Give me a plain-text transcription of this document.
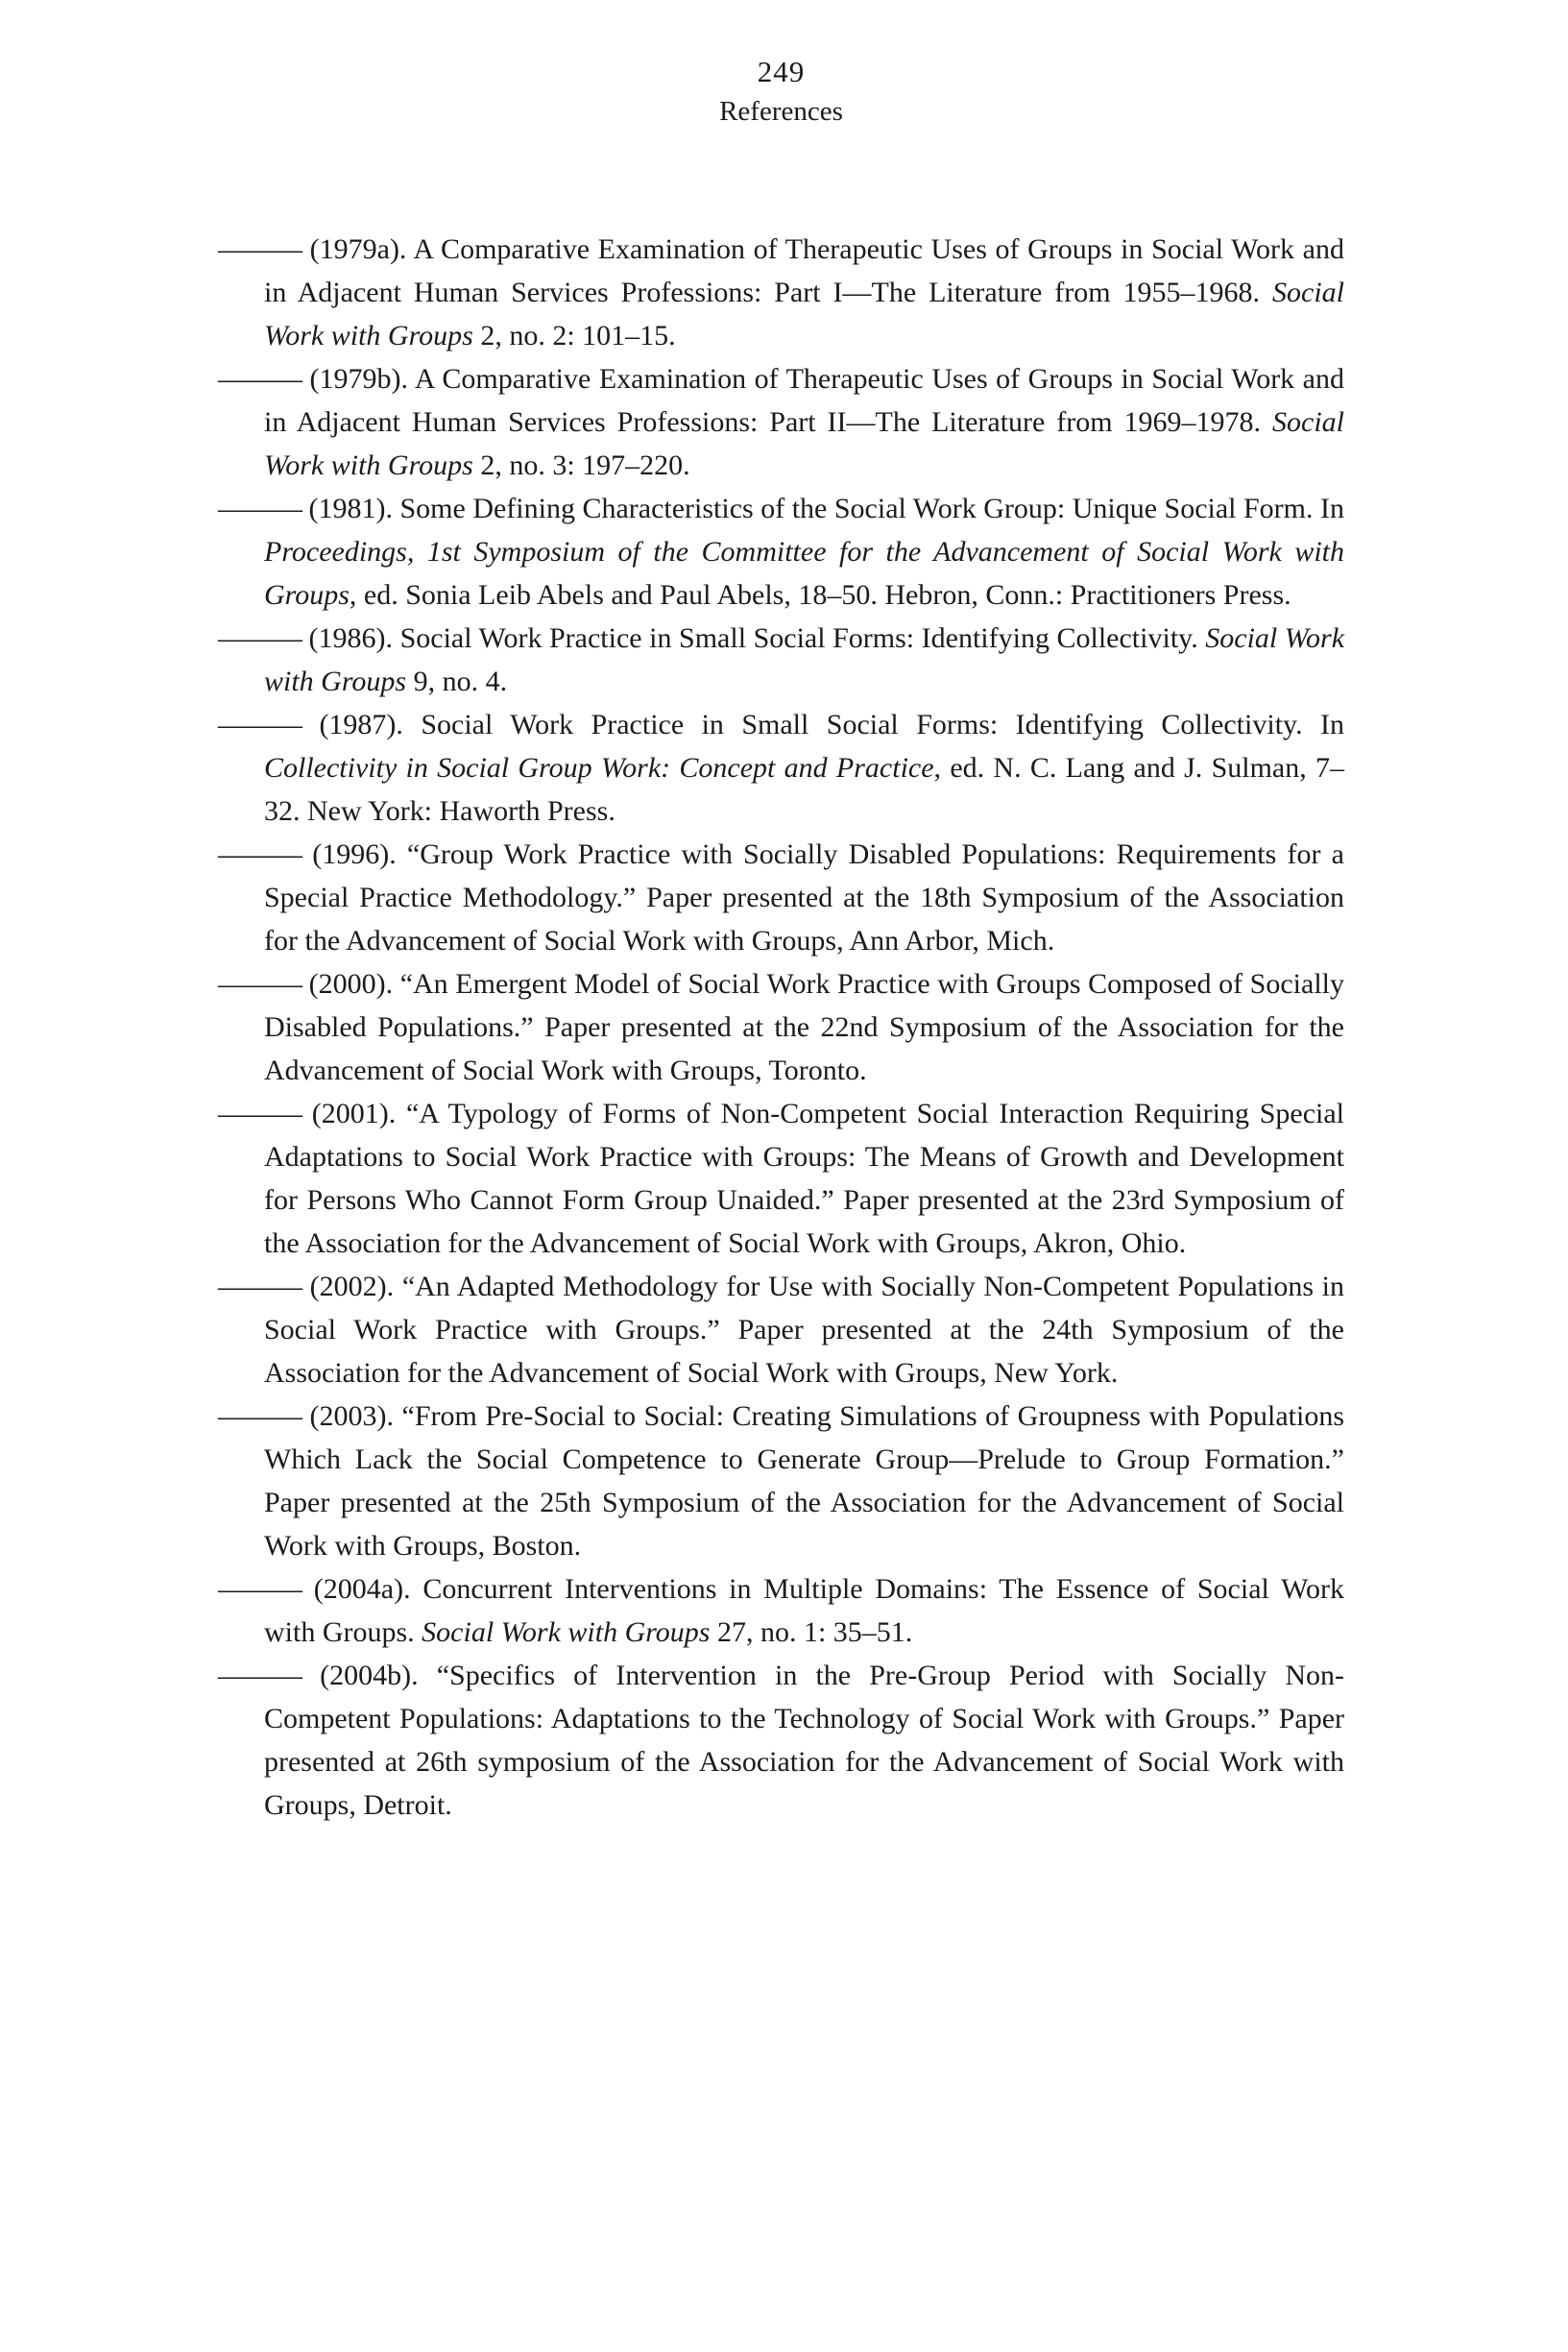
249
References

——— (1979a). A Comparative Examination of Therapeutic Uses of Groups in Social Work and in Adjacent Human Services Professions: Part I—The Literature from 1955–1968. Social Work with Groups 2, no. 2: 101–15.

——— (1979b). A Comparative Examination of Therapeutic Uses of Groups in Social Work and in Adjacent Human Services Professions: Part II—The Literature from 1969–1978. Social Work with Groups 2, no. 3: 197–220.

——— (1981). Some Defining Characteristics of the Social Work Group: Unique Social Form. In Proceedings, 1st Symposium of the Committee for the Advancement of Social Work with Groups, ed. Sonia Leib Abels and Paul Abels, 18–50. Hebron, Conn.: Practitioners Press.

——— (1986). Social Work Practice in Small Social Forms: Identifying Collectivity. Social Work with Groups 9, no. 4.

——— (1987). Social Work Practice in Small Social Forms: Identifying Collectivity. In Collectivity in Social Group Work: Concept and Practice, ed. N. C. Lang and J. Sulman, 7–32. New York: Haworth Press.

——— (1996). “Group Work Practice with Socially Disabled Populations: Requirements for a Special Practice Methodology.” Paper presented at the 18th Symposium of the Association for the Advancement of Social Work with Groups, Ann Arbor, Mich.

——— (2000). “An Emergent Model of Social Work Practice with Groups Composed of Socially Disabled Populations.” Paper presented at the 22nd Symposium of the Association for the Advancement of Social Work with Groups, Toronto.

——— (2001). “A Typology of Forms of Non-Competent Social Interaction Requiring Special Adaptations to Social Work Practice with Groups: The Means of Growth and Development for Persons Who Cannot Form Group Unaided.” Paper presented at the 23rd Symposium of the Association for the Advancement of Social Work with Groups, Akron, Ohio.

——— (2002). “An Adapted Methodology for Use with Socially Non-Competent Populations in Social Work Practice with Groups.” Paper presented at the 24th Symposium of the Association for the Advancement of Social Work with Groups, New York.

——— (2003). “From Pre-Social to Social: Creating Simulations of Groupness with Populations Which Lack the Social Competence to Generate Group—Prelude to Group Formation.” Paper presented at the 25th Symposium of the Association for the Advancement of Social Work with Groups, Boston.

——— (2004a). Concurrent Interventions in Multiple Domains: The Essence of Social Work with Groups. Social Work with Groups 27, no. 1: 35–51.

——— (2004b). “Specifics of Intervention in the Pre-Group Period with Socially Non-Competent Populations: Adaptations to the Technology of Social Work with Groups.” Paper presented at 26th symposium of the Association for the Advancement of Social Work with Groups, Detroit.
